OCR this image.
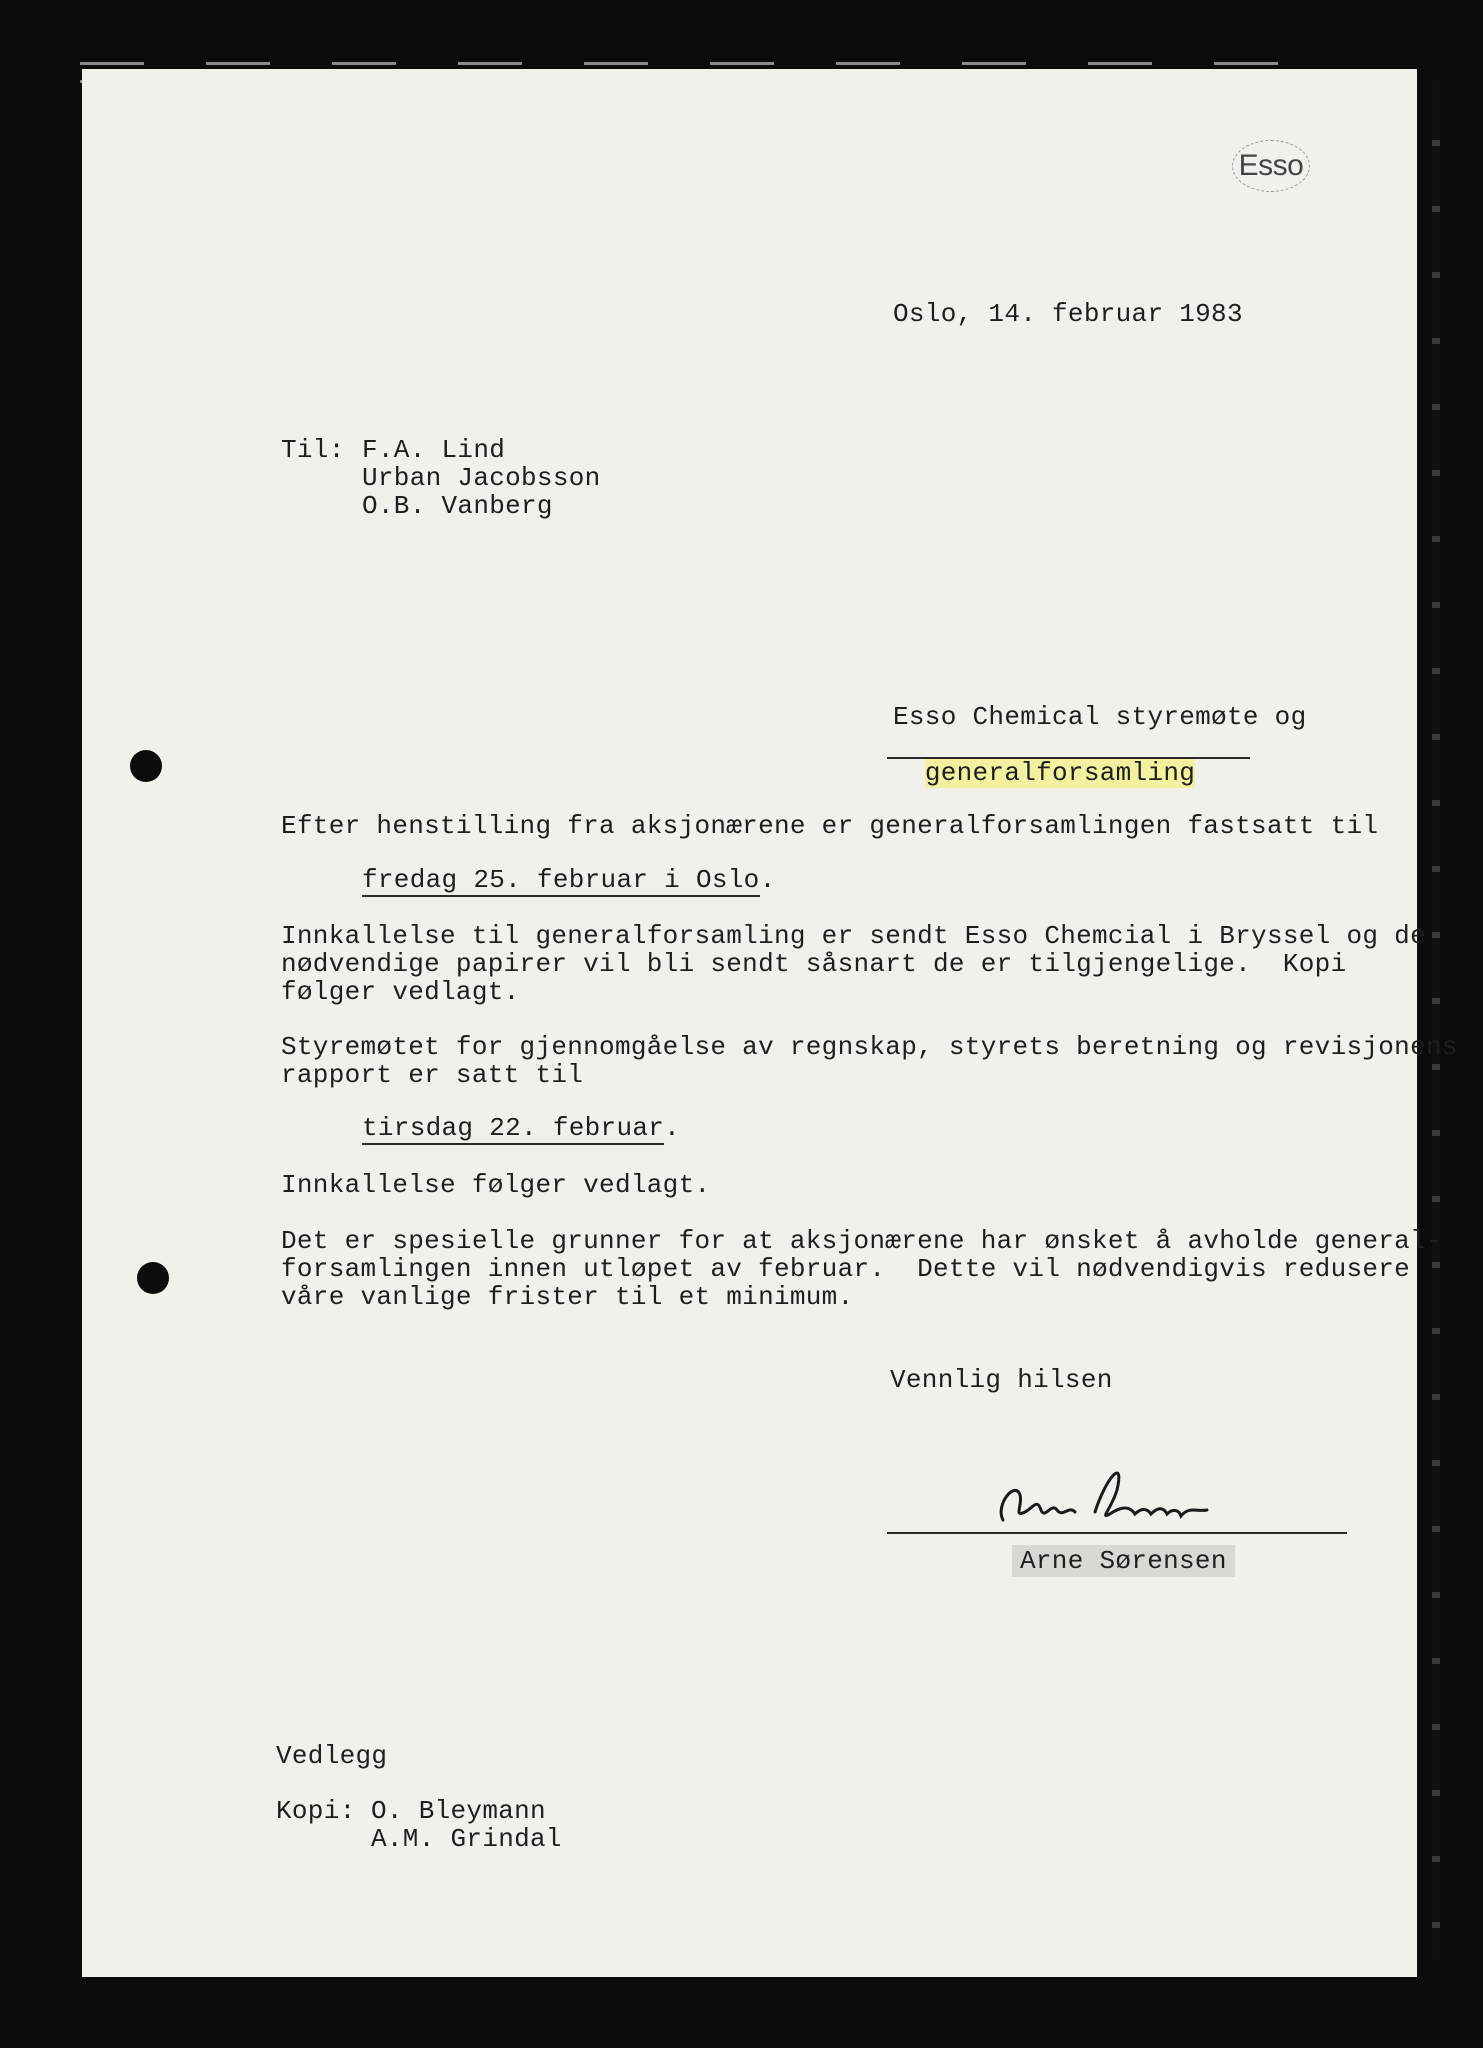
Esso
Oslo, 14. februar 1983
Til: F.A. Lind
Urban Jacobsson
O.B. Vanberg
Esso Chemical styremøte og

generalforsamling

Efter henstilling fra aksjonærene er generalforsamlingen fastsatt til
fredag 25. februar i Oslo.
Innkallelse til generalforsamling er sendt Esso Chemcial i Bryssel og de
nødvendige papirer vil bli sendt såsnart de er tilgjengelige.  Kopi
følger vedlagt.
Styremøtet for gjennomgåelse av regnskap, styrets beretning og revisjonens
rapport er satt til
tirsdag 22. februar.
Innkallelse følger vedlagt.
Det er spesielle grunner for at aksjonærene har ønsket å avholde general-
forsamlingen innen utløpet av februar.  Dette vil nødvendigvis redusere
våre vanlige frister til et minimum.
Vennlig hilsen
Arne Sørensen
Vedlegg
Kopi: O. Bleymann
A.M. Grindal
